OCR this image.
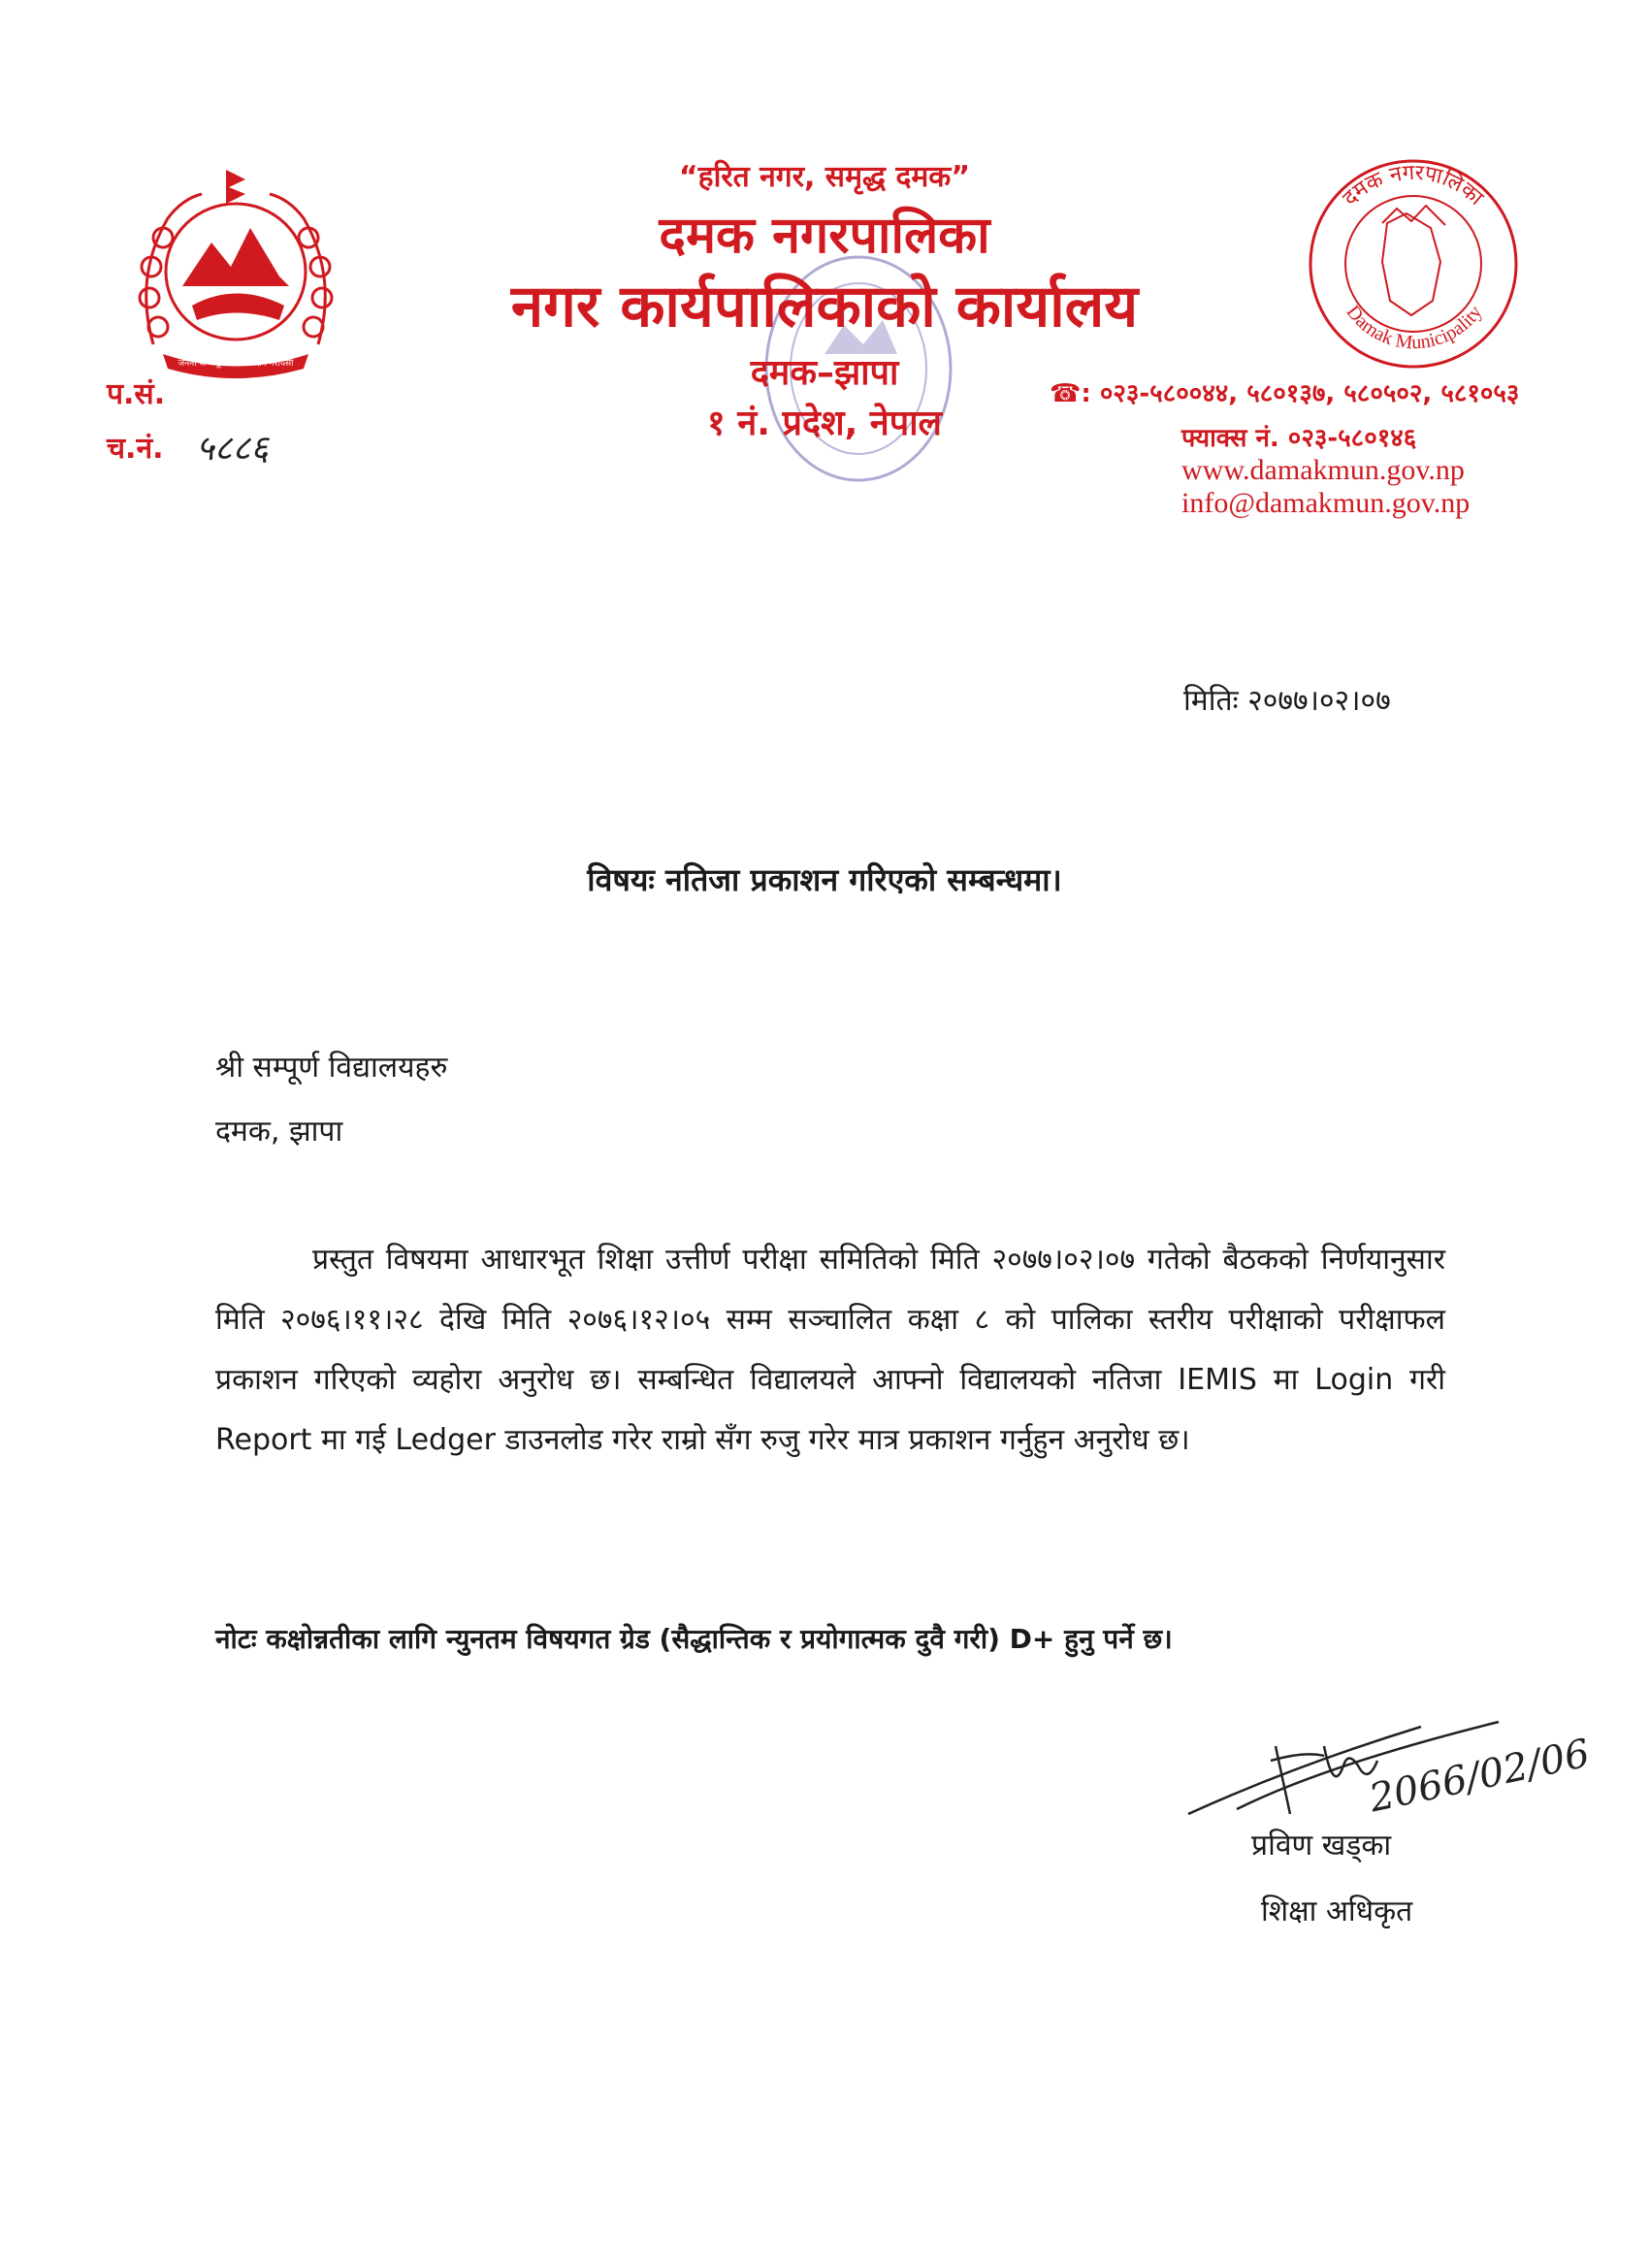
जननी जन्मभूमिश्च स्वर्गादपि गरीयसी
दमक नगरपालिका
Damak Municipality
“हरित नगर, समृद्ध दमक”
दमक नगरपालिका
नगर कार्यपालिकाको कार्यालय
दमक–झापा
१ नं. प्रदेश, नेपाल
प.सं.
च.नं. ५८८६
☎: ०२३-५८००४४, ५८०१३७, ५८०५०२, ५८१०५३
फ्याक्स नं. ०२३-५८०१४६
www.damakmun.gov.np
info@damakmun.gov.np
मितिः २०७७।०२।०७
विषयः नतिजा प्रकाशन गरिएको सम्बन्धमा।
श्री सम्पूर्ण विद्यालयहरु
दमक, झापा
प्रस्तुत विषयमा आधारभूत शिक्षा उत्तीर्ण परीक्षा समितिको मिति २०७७।०२।०७ गतेको बैठकको निर्णयानुसार मिति २०७६।११।२८ देखि मिति २०७६।१२।०५ सम्म सञ्चालित कक्षा ८ को पालिका स्तरीय परीक्षाको परीक्षाफल प्रकाशन गरिएको व्यहोरा अनुरोध छ। सम्बन्धित विद्यालयले आफ्नो विद्यालयको नतिजा IEMIS मा Login गरी Report मा गई Ledger डाउनलोड गरेर राम्रो सँग रुजु गरेर मात्र प्रकाशन गर्नुहुन अनुरोध छ।
नोटः कक्षोन्नतीका लागि न्युनतम विषयगत ग्रेड (सैद्धान्तिक र प्रयोगात्मक दुवै गरी) D+ हुनु पर्ने छ।
2066/02/06
प्रविण खड्का
शिक्षा अधिकृत
